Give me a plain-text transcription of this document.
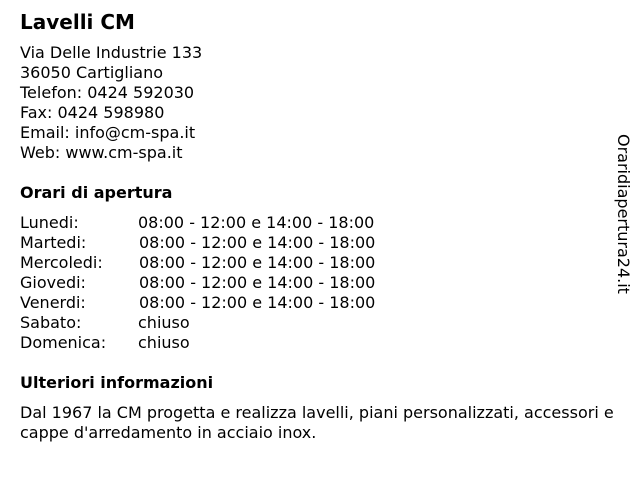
Lavelli CM
Via Delle Industrie 133
36050 Cartigliano
Telefon: 0424 592030
Fax: 0424 598980
Email: info@cm-spa.it
Web: www.cm-spa.it
Orari di apertura
Lunedi:	08:00 - 12:00 e 14:00 - 18:00
Martedi:	08:00 - 12:00 e 14:00 - 18:00
Mercoledi: 08:00 - 12:00 e 14:00 - 18:00
Giovedi:	08:00 - 12:00 e 14:00 - 18:00
Venerdi:	08:00 - 12:00 e 14:00 - 18:00
Sabato:	chiuso
Domenica: chiuso
Ulteriori informazioni
Dal 1967 la CM progetta e realizza lavelli, piani personalizzati, accessori e cappe d'arredamento in acciaio inox.
Oraridiapertura24.it
